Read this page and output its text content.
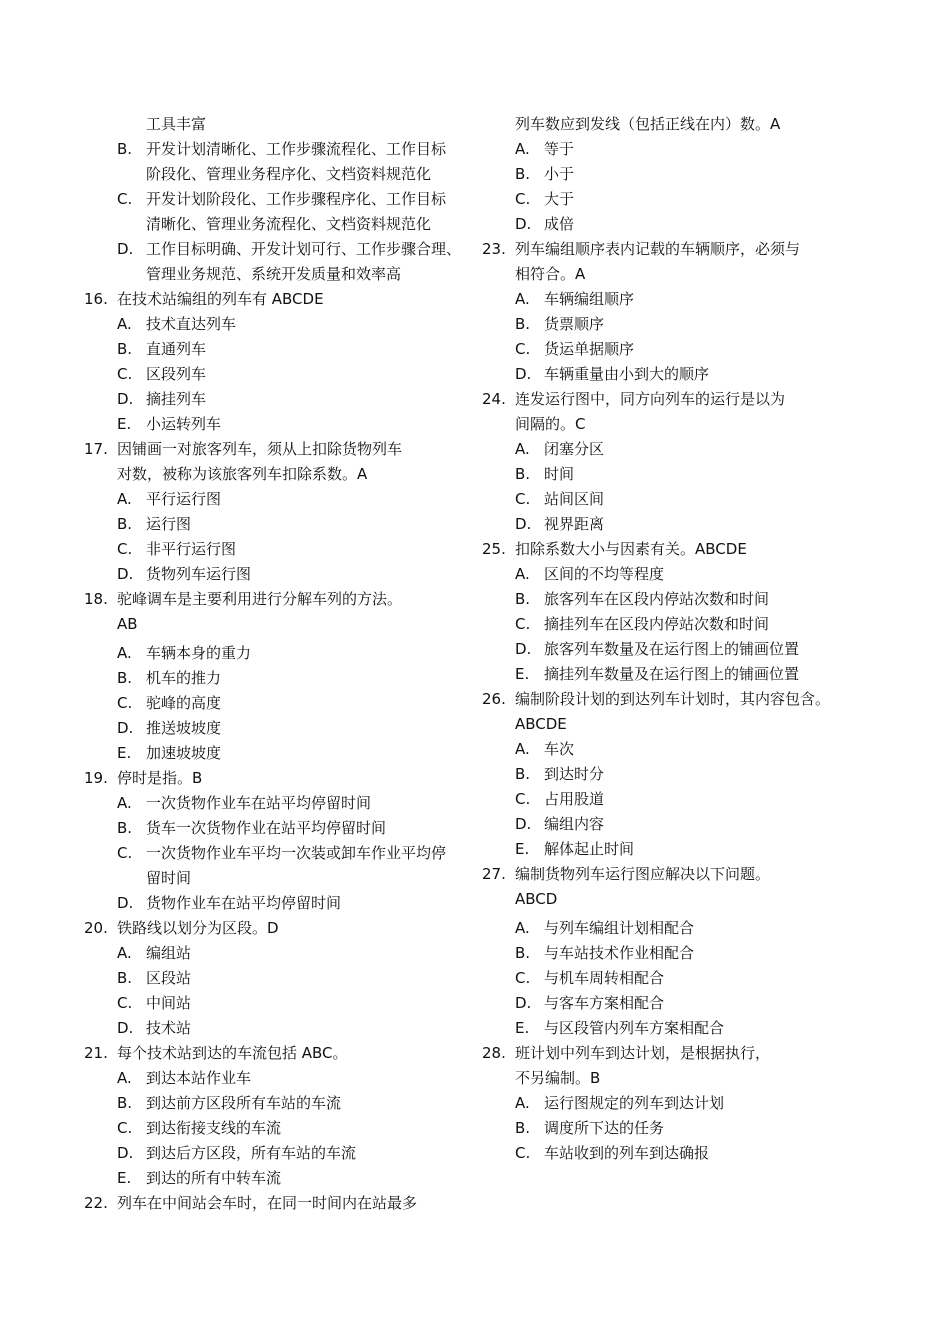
工具丰富
B. 开发计划清晰化、工作步骤流程化、工作目标
阶段化、管理业务程序化、文档资料规范化
C. 开发计划阶段化、工作步骤程序化、工作目标
清晰化、管理业务流程化、文档资料规范化
D. 工作目标明确、开发计划可行、工作步骤合理、
管理业务规范、系统开发质量和效率高
16. 在技术站编组的列车有 ABCDE
A. 技术直达列车
B. 直通列车
C. 区段列车
D. 摘挂列车
E. 小运转列车
17. 因铺画一对旅客列车，须从上扣除货物列车
对数，被称为该旅客列车扣除系数。A
A. 平行运行图
B. 运行图
C. 非平行运行图
D. 货物列车运行图
18. 驼峰调车是主要利用进行分解车列的方法。
AB
A. 车辆本身的重力
B. 机车的推力
C. 驼峰的高度
D. 推送坡坡度
E. 加速坡坡度
19. 停时是指。B
A. 一次货物作业车在站平均停留时间
B. 货车一次货物作业在站平均停留时间
C. 一次货物作业车平均一次装或卸车作业平均停
留时间
D. 货物作业车在站平均停留时间
20. 铁路线以划分为区段。D
A. 编组站
B. 区段站
C. 中间站
D. 技术站
21. 每个技术站到达的车流包括 ABC。
A. 到达本站作业车
B. 到达前方区段所有车站的车流
C. 到达衔接支线的车流
D. 到达后方区段，所有车站的车流
E. 到达的所有中转车流
22. 列车在中间站会车时，在同一时间内在站最多
列车数应到发线（包括正线在内）数。A
A. 等于
B. 小于
C. 大于
D. 成倍
23. 列车编组顺序表内记载的车辆顺序，必须与
相符合。A
A. 车辆编组顺序
B. 货票顺序
C. 货运单据顺序
D. 车辆重量由小到大的顺序
24. 连发运行图中，同方向列车的运行是以为
间隔的。C
A. 闭塞分区
B. 时间
C. 站间区间
D. 视界距离
25. 扣除系数大小与因素有关。ABCDE
A. 区间的不均等程度
B. 旅客列车在区段内停站次数和时间
C. 摘挂列车在区段内停站次数和时间
D. 旅客列车数量及在运行图上的铺画位置
E. 摘挂列车数量及在运行图上的铺画位置
26. 编制阶段计划的到达列车计划时，其内容包含。
ABCDE
A. 车次
B. 到达时分
C. 占用股道
D. 编组内容
E. 解体起止时间
27. 编制货物列车运行图应解决以下问题。
ABCD
A. 与列车编组计划相配合
B. 与车站技术作业相配合
C. 与机车周转相配合
D. 与客车方案相配合
E. 与区段管内列车方案相配合
28. 班计划中列车到达计划，是根据执行，
不另编制。B
A. 运行图规定的列车到达计划
B. 调度所下达的任务
C. 车站收到的列车到达确报
